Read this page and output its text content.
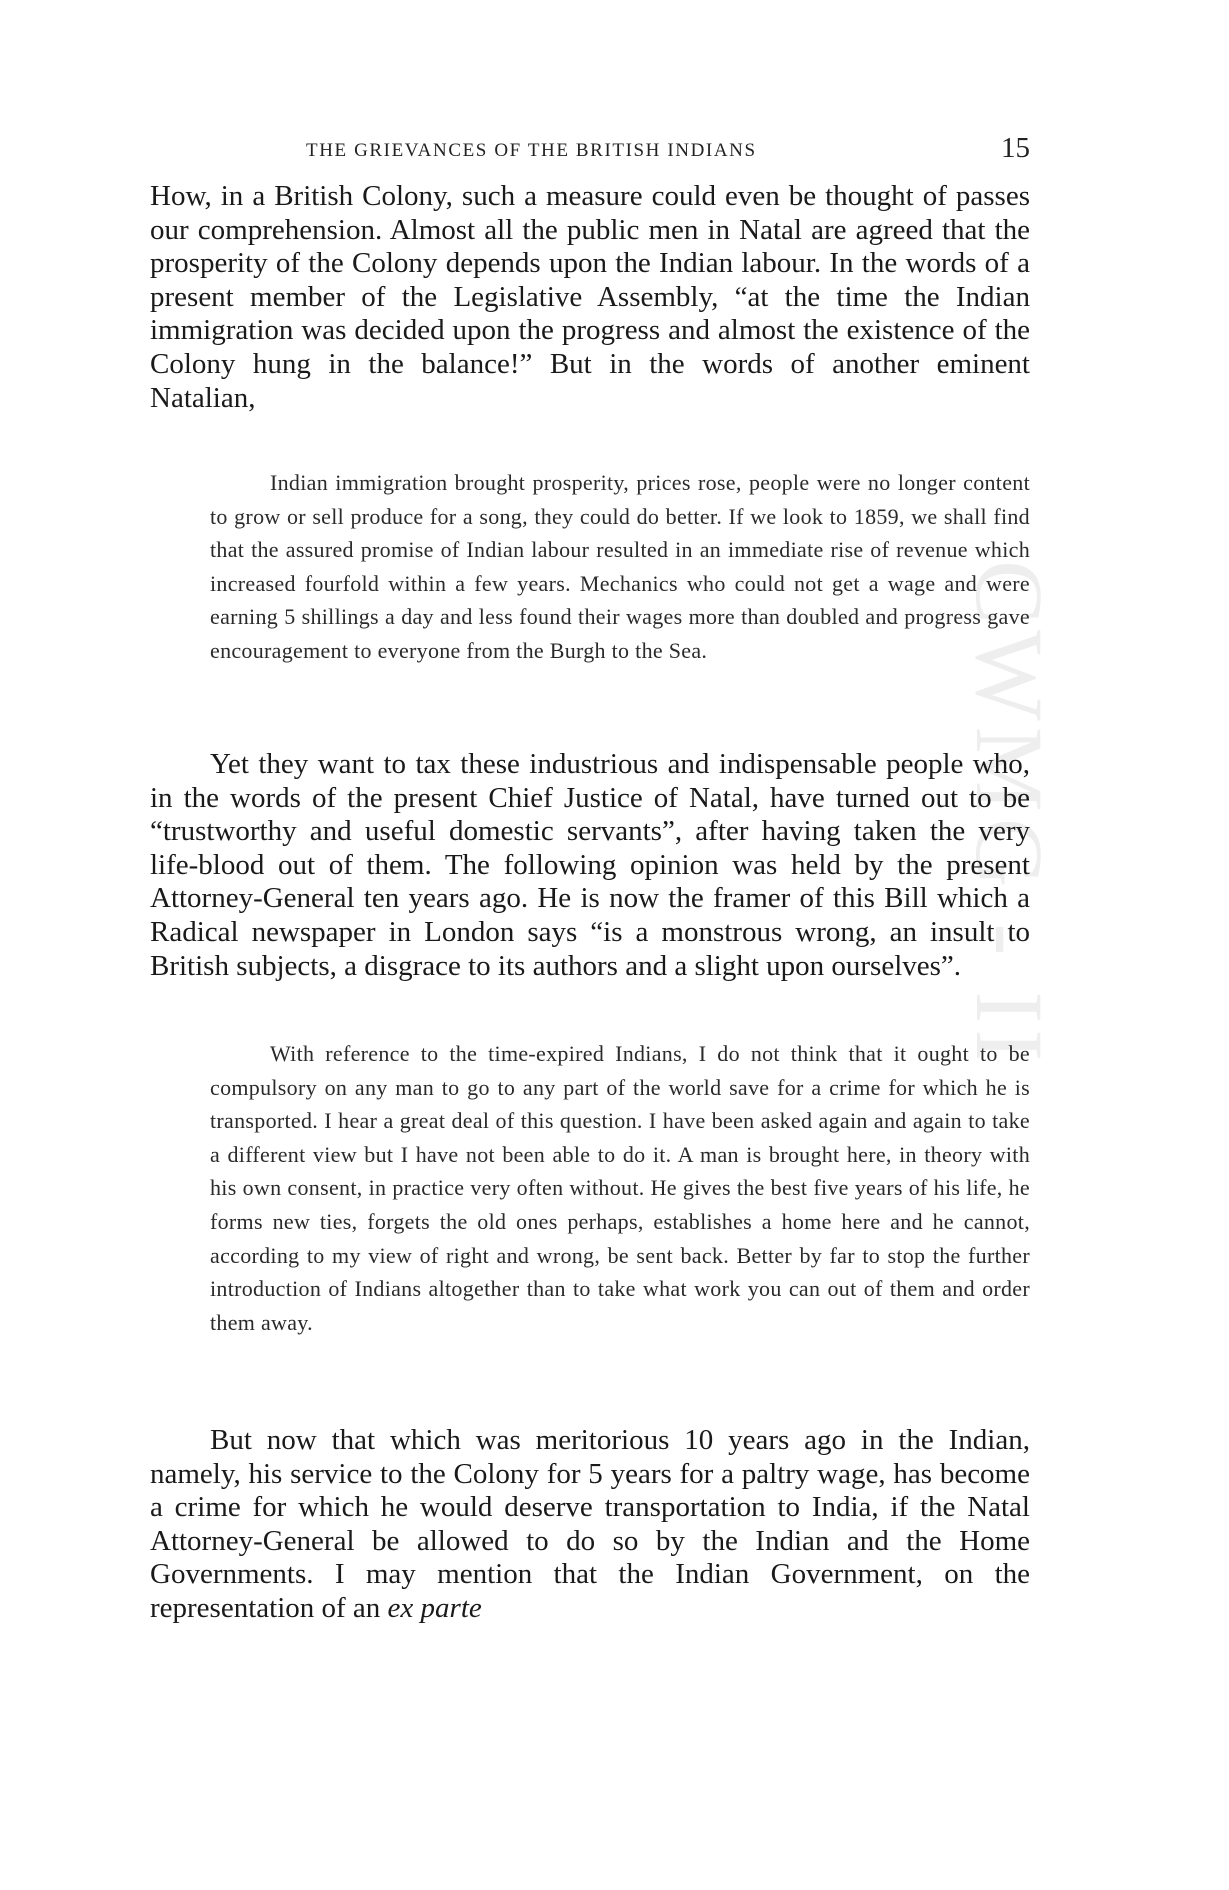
CWMG - II
THE GRIEVANCES OF THE BRITISH INDIANS	15

How, in a British Colony, such a measure could even be thought of passes our comprehension. Almost all the public men in Natal are agreed that the prosperity of the Colony depends upon the Indian labour. In the words of a present member of the Legislative Assembly, “at the time the Indian immigration was decided upon the progress and almost the existence of the Colony hung in the balance!” But in the words of another eminent Natalian,

Indian immigration brought prosperity, prices rose, people were no longer content to grow or sell produce for a song, they could do better. If we look to 1859, we shall find that the assured promise of Indian labour resulted in an immediate rise of revenue which increased fourfold within a few years. Mechanics who could not get a wage and were earning 5 shillings a day and less found their wages more than doubled and progress gave encouragement to everyone from the Burgh to the Sea.

Yet they want to tax these industrious and indispensable people who, in the words of the present Chief Justice of Natal, have turned out to be “trustworthy and useful domestic servants”, after having taken the very life-blood out of them. The following opinion was held by the present Attorney-General ten years ago. He is now the framer of this Bill which a Radical newspaper in London says “is a monstrous wrong, an insult to British subjects, a disgrace to its authors and a slight upon ourselves”.

With reference to the time-expired Indians, I do not think that it ought to be compulsory on any man to go to any part of the world save for a crime for which he is transported. I hear a great deal of this question. I have been asked again and again to take a different view but I have not been able to do it. A man is brought here, in theory with his own consent, in practice very often without. He gives the best five years of his life, he forms new ties, forgets the old ones perhaps, establishes a home here and he cannot, according to my view of right and wrong, be sent back. Better by far to stop the further introduction of Indians altogether than to take what work you can out of them and order them away.

But now that which was meritorious 10 years ago in the Indian, namely, his service to the Colony for 5 years for a paltry wage, has become a crime for which he would deserve transportation to India, if the Natal Attorney-General be allowed to do so by the Indian and the Home Governments. I may mention that the Indian Government, on the representation of an ex parte
